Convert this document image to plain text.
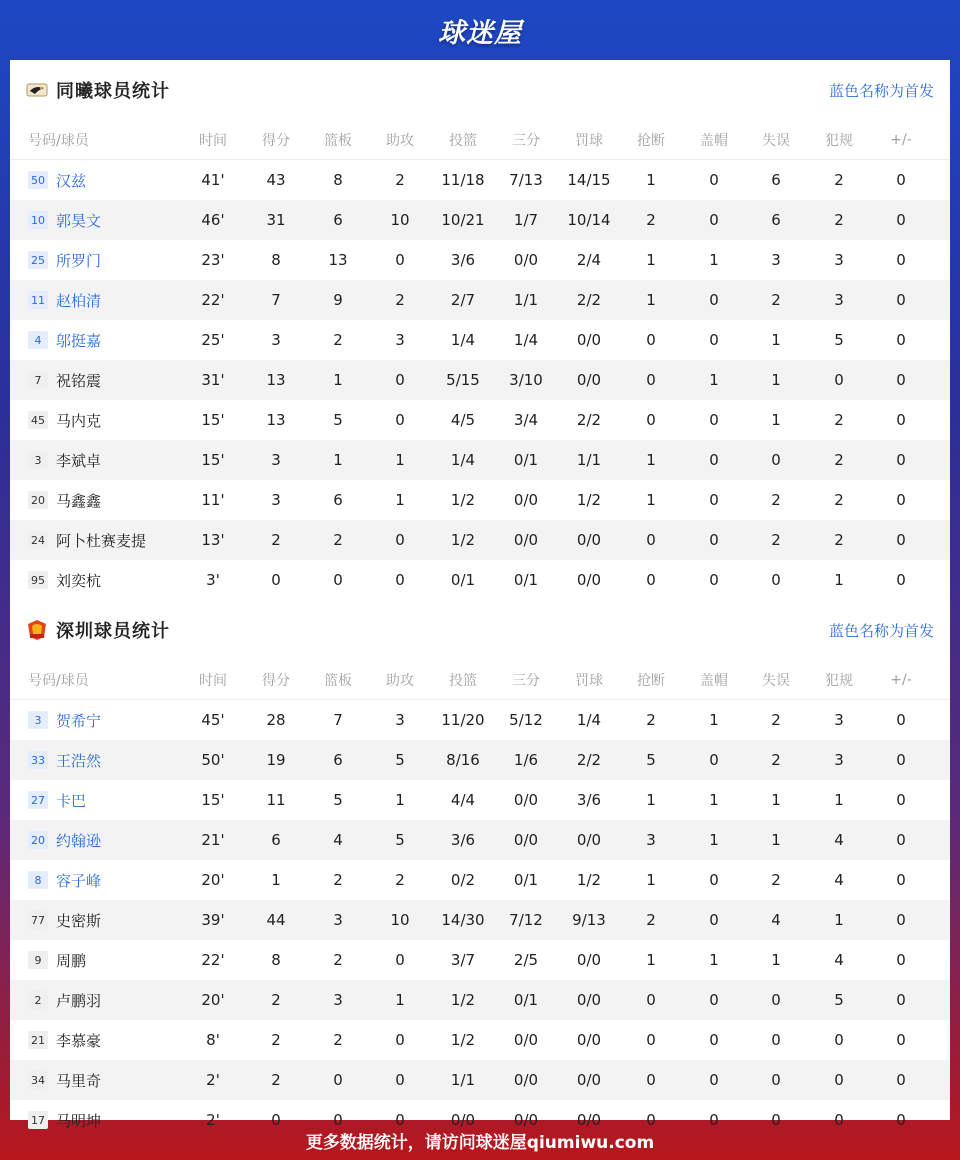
球迷屋
同曦球员统计	蓝色名称为首发
号码/球员	时间	得分	篮板	助攻	投篮	三分	罚球	抢断	盖帽	失误	犯规	+/-
50 汉兹	41'	43	8	2	11/18	7/13	14/15	1	0	6	2	0
10 郭昊文	46'	31	6	10	10/21	1/7	10/14	2	0	6	2	0
25 所罗门	23'	8	13	0	3/6	0/0	2/4	1	1	3	3	0
11 赵柏清	22'	7	9	2	2/7	1/1	2/2	1	0	2	3	0
4 邬挺嘉	25'	3	2	3	1/4	1/4	0/0	0	0	1	5	0
7 祝铭震	31'	13	1	0	5/15	3/10	0/0	0	1	1	0	0
45 马内克	15'	13	5	0	4/5	3/4	2/2	0	0	1	2	0
3 李斌卓	15'	3	1	1	1/4	0/1	1/1	1	0	0	2	0
20 马鑫鑫	11'	3	6	1	1/2	0/0	1/2	1	0	2	2	0
24 阿卜杜赛麦提	13'	2	2	0	1/2	0/0	0/0	0	0	2	2	0
95 刘奕杭	3'	0	0	0	0/1	0/1	0/0	0	0	0	1	0
深圳球员统计	蓝色名称为首发
号码/球员	时间	得分	篮板	助攻	投篮	三分	罚球	抢断	盖帽	失误	犯规	+/-
3 贺希宁	45'	28	7	3	11/20	5/12	1/4	2	1	2	3	0
33 王浩然	50'	19	6	5	8/16	1/6	2/2	5	0	2	3	0
27 卡巴	15'	11	5	1	4/4	0/0	3/6	1	1	1	1	0
20 约翰逊	21'	6	4	5	3/6	0/0	0/0	3	1	1	4	0
8 容子峰	20'	1	2	2	0/2	0/1	1/2	1	0	2	4	0
77 史密斯	39'	44	3	10	14/30	7/12	9/13	2	0	4	1	0
9 周鹏	22'	8	2	0	3/7	2/5	0/0	1	1	1	4	0
2 卢鹏羽	20'	2	3	1	1/2	0/1	0/0	0	0	0	5	0
21 李慕豪	8'	2	2	0	1/2	0/0	0/0	0	0	0	0	0
34 马里奇	2'	2	0	0	1/1	0/0	0/0	0	0	0	0	0
17 马明坤	2'	0	0	0	0/0	0/0	0/0	0	0	0	0	0
更多数据统计，请访问球迷屋qiumiwu.com
